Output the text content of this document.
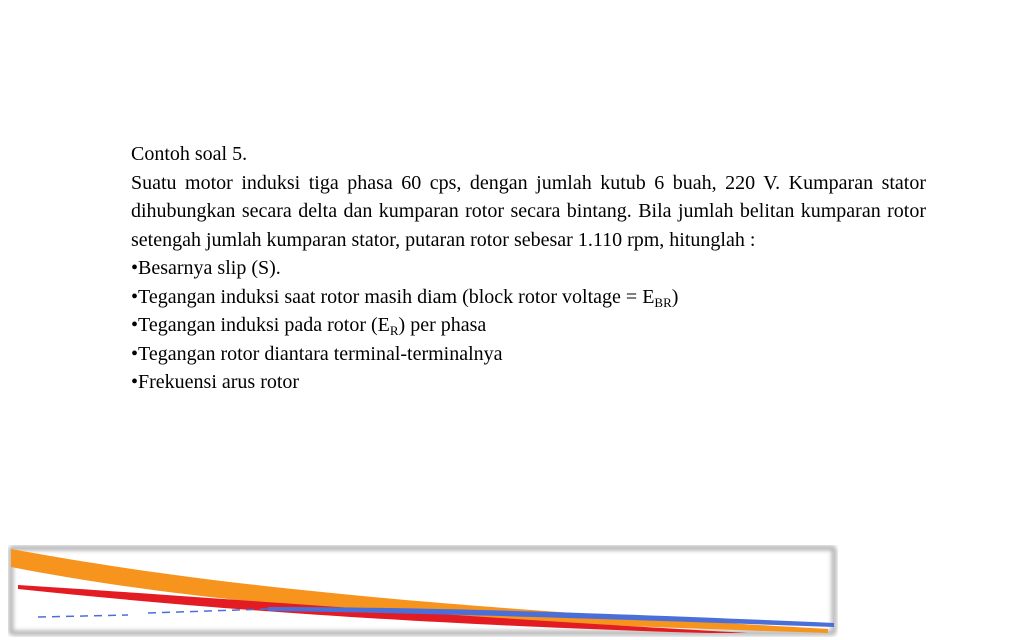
Contoh soal 5.

Suatu motor induksi tiga phasa 60 cps, dengan jumlah kutub 6 buah, 220 V. Kumparan stator dihubungkan secara delta dan kumparan rotor secara bintang. Bila jumlah belitan kumparan rotor setengah jumlah kumparan stator, putaran rotor sebesar 1.110 rpm, hitunglah :

•Besarnya slip (S).
•Tegangan induksi saat rotor masih diam (block rotor voltage = $E_{BR}$)
•Tegangan induksi pada rotor $(E_R)$ per phasa
•Tegangan rotor diantara terminal-terminalnya
•Frekuensi arus rotor
